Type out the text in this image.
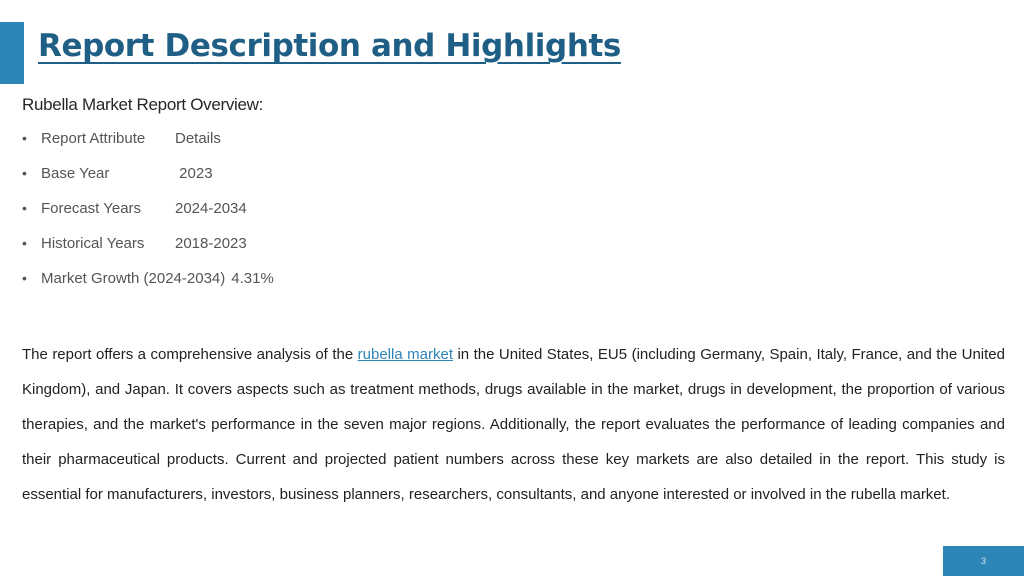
Report Description and Highlights
Rubella Market Report Overview:
• Report Attribute	Details
• Base Year	2023
• Forecast Years	2024-2034
• Historical Years	2018-2023
• Market Growth (2024-2034) 4.31%

The report offers a comprehensive analysis of the rubella market in the United States, EU5 (including Germany, Spain, Italy, France, and the United Kingdom), and Japan. It covers aspects such as treatment methods, drugs available in the market, drugs in development, the proportion of various therapies, and the market's performance in the seven major regions. Additionally, the report evaluates the performance of leading companies and their pharmaceutical products. Current and projected patient numbers across these key markets are also detailed in the report. This study is essential for manufacturers, investors, business planners, researchers, consultants, and anyone interested or involved in the rubella market.

3
